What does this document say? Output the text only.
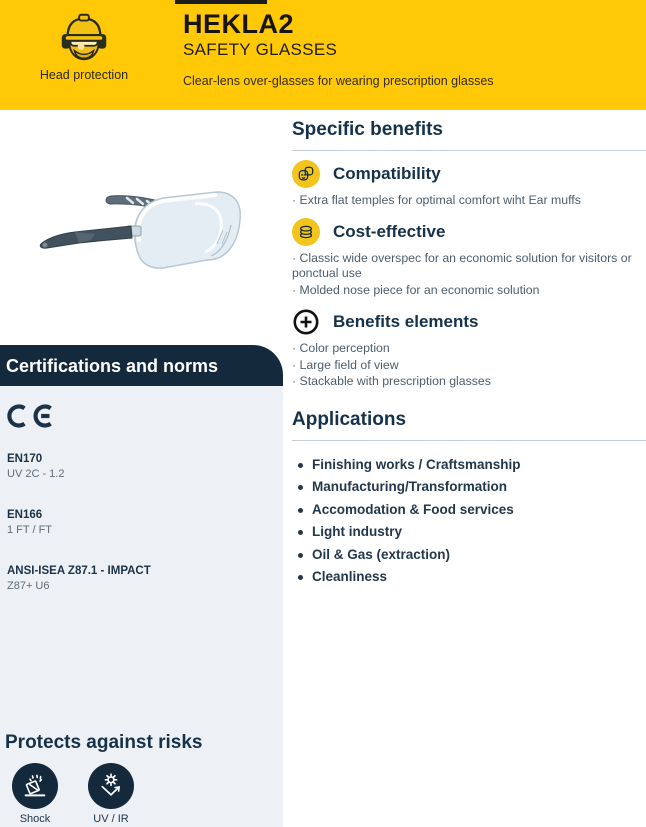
Head protection
HEKLA2

SAFETY GLASSES

Clear-lens over-glasses for wearing prescription glasses

Certifications and norms
EN170
UV 2C - 1.2
EN166
1 FT / FT
ANSI-ISEA Z87.1 - IMPACT
Z87+ U6
Protects against risks
Shock	UV / IR
Specific benefits
Compatibility

· Extra flat temples for optimal comfort wiht Ear muffs

Cost-effective

· Classic wide overspec for an economic solution for visitors or ponctual use

· Molded nose piece for an economic solution

Benefits elements

· Color perception

· Large field of view

· Stackable with prescription glasses

Applications
Finishing works / Craftsmanship
Manufacturing/Transformation
Accomodation & Food services
Light industry
Oil & Gas (extraction)
Cleanliness
